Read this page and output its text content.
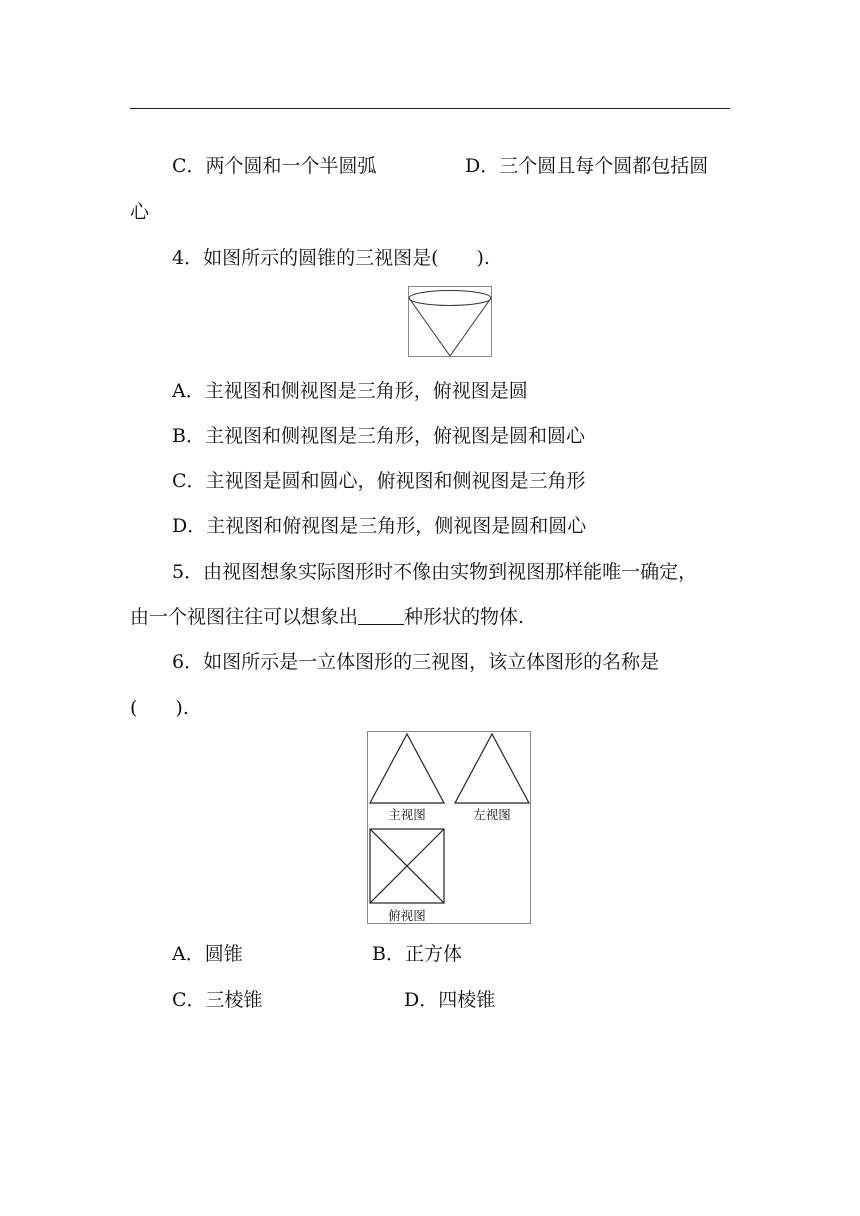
C．两个圆和一个半圆弧	D．三个圆且每个圆都包括圆
心
4．如图所示的圆锥的三视图是(　　).
A．主视图和侧视图是三角形，俯视图是圆
B．主视图和侧视图是三角形，俯视图是圆和圆心
C．主视图是圆和圆心，俯视图和侧视图是三角形
D．主视图和俯视图是三角形，侧视图是圆和圆心
5．由视图想象实际图形时不像由实物到视图那样能唯一确定，
由一个视图往往可以想象出 种形状的物体.
6．如图所示是一立体图形的三视图，该立体图形的名称是
(　　).
主视图	左视图
俯视图
A．圆锥	B．正方体
C．三棱锥	D．四棱锥
